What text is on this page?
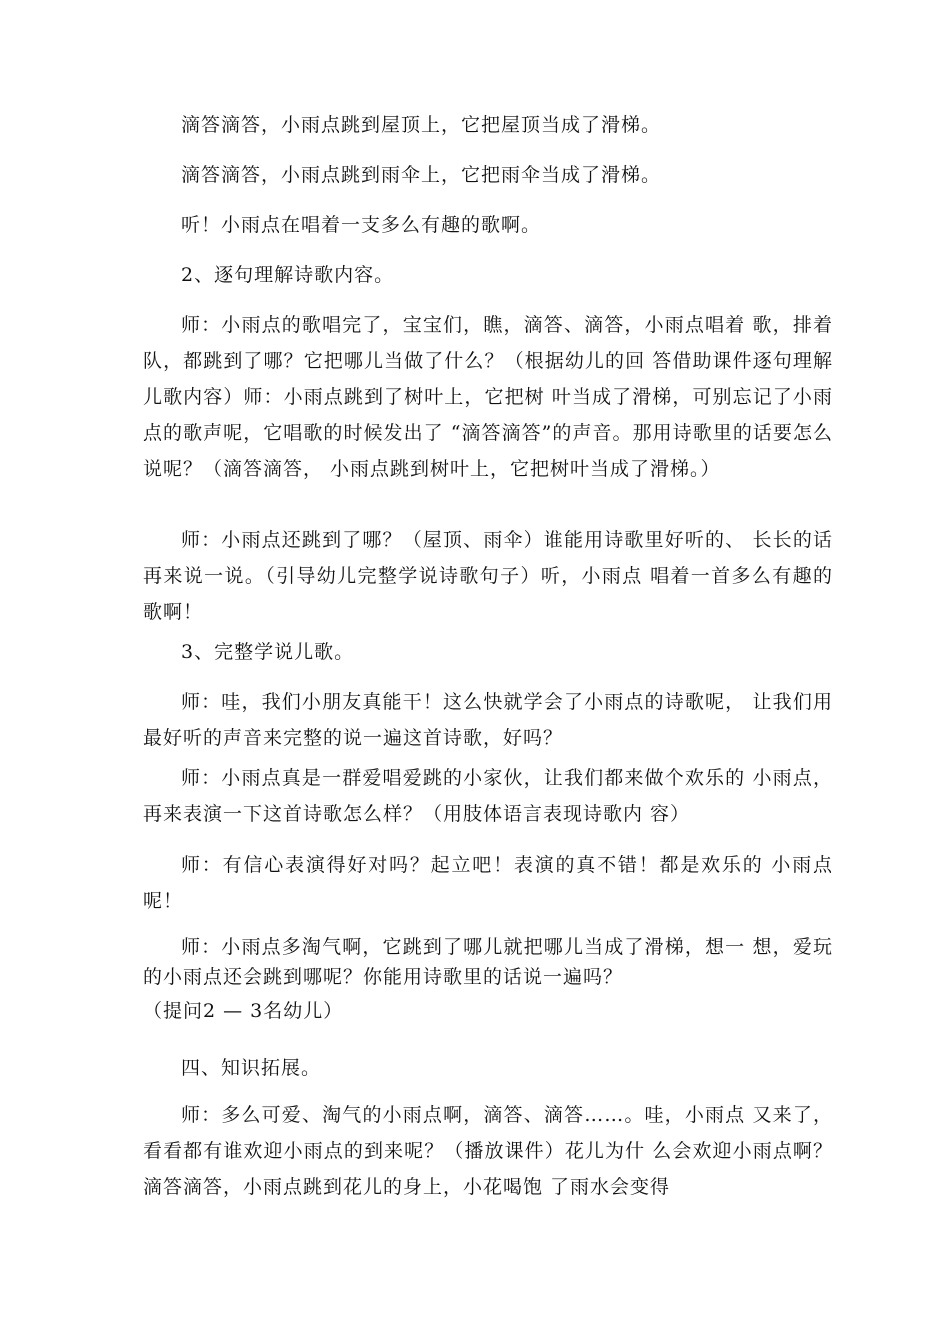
滴答滴答，小雨点跳到屋顶上，它把屋顶当成了滑梯。

滴答滴答，小雨点跳到雨伞上，它把雨伞当成了滑梯。

听！小雨点在唱着一支多么有趣的歌啊。

2、逐句理解诗歌内容。

师：小雨点的歌唱完了，宝宝们，瞧，滴答、滴答，小雨点唱着 歌，排着队，都跳到了哪？它把哪儿当做了什么？（根据幼儿的回 答借助课件逐句理解儿歌内容）师：小雨点跳到了树叶上，它把树 叶当成了滑梯，可别忘记了小雨点的歌声呢，它唱歌的时候发出了 “滴答滴答”的声音。那用诗歌里的话要怎么说呢？（滴答滴答， 小雨点跳到树叶上，它把树叶当成了滑梯。）

师：小雨点还跳到了哪？（屋顶、雨伞）谁能用诗歌里好听的、 长长的话再来说一说。（引导幼儿完整学说诗歌句子）听，小雨点 唱着一首多么有趣的歌啊！

3、完整学说儿歌。

师：哇，我们小朋友真能干！这么快就学会了小雨点的诗歌呢， 让我们用最好听的声音来完整的说一遍这首诗歌，好吗？

师：小雨点真是一群爱唱爱跳的小家伙，让我们都来做个欢乐的 小雨点，再来表演一下这首诗歌怎么样？（用肢体语言表现诗歌内 容）

师：有信心表演得好对吗？起立吧！表演的真不错！都是欢乐的 小雨点呢！

师：小雨点多淘气啊，它跳到了哪儿就把哪儿当成了滑梯，想一 想，爱玩的小雨点还会跳到哪呢？你能用诗歌里的话说一遍吗？

（提问2 — 3名幼儿）

四、知识拓展。

师：多么可爱、淘气的小雨点啊，滴答、滴答……。哇，小雨点 又来了，看看都有谁欢迎小雨点的到来呢？（播放课件）花儿为什 么会欢迎小雨点啊？滴答滴答，小雨点跳到花儿的身上，小花喝饱 了雨水会变得
